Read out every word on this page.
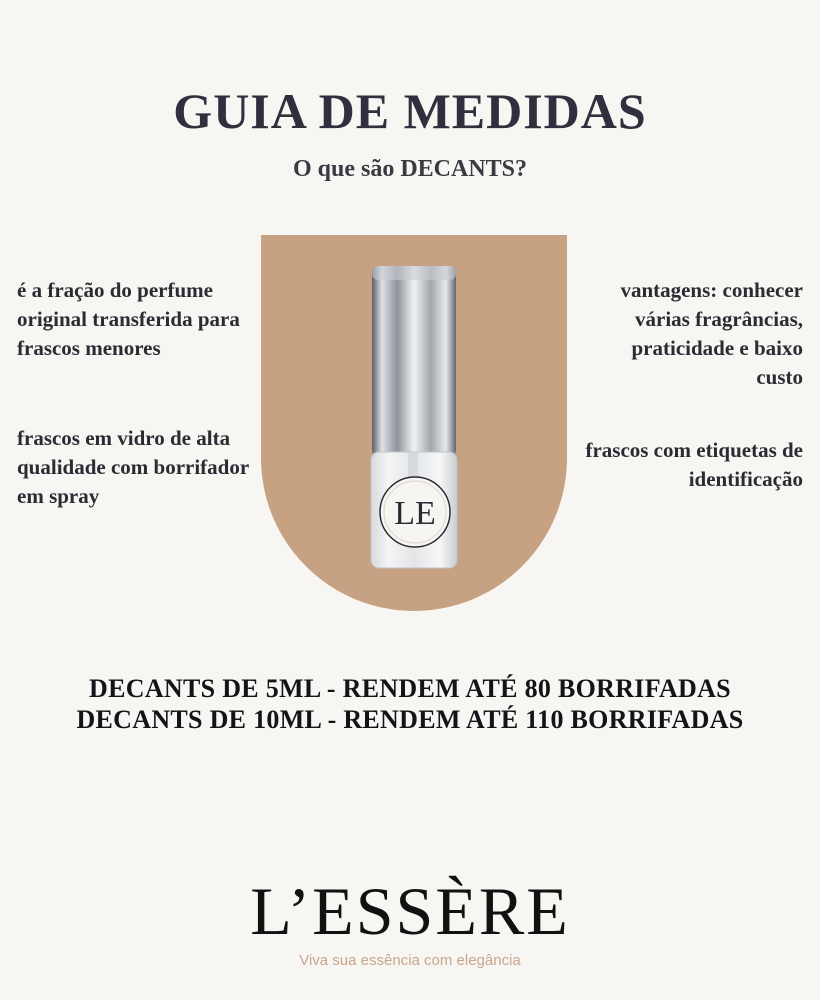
GUIA DE MEDIDAS
O que são DECANTS?
LE
é a fração do perfume original transferida para frascos menores
frascos em vidro de alta qualidade com borrifador em spray
vantagens: conhecer várias fragrâncias, praticidade e baixo custo
frascos com etiquetas de identificação
DECANTS DE 5ML - RENDEM ATÉ 80 BORRIFADAS
DECANTS DE 10ML - RENDEM ATÉ 110 BORRIFADAS
L’ESSÈRE
Viva sua essência com elegância
